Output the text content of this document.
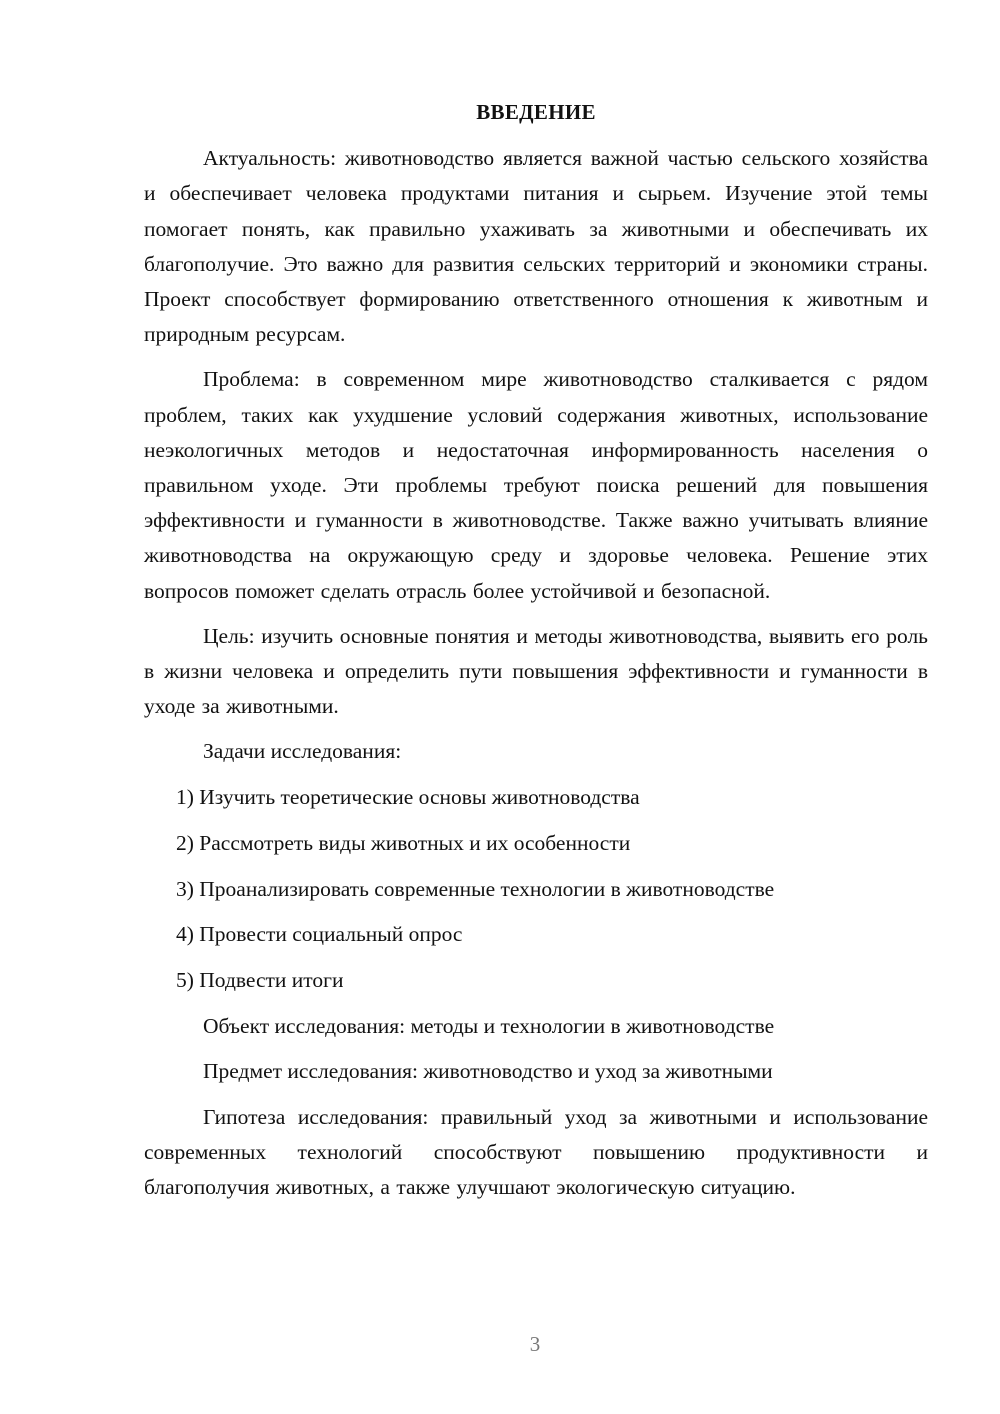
ВВЕДЕНИЕ

Актуальность: животноводство является важной частью сельского хозяйства и обеспечивает человека продуктами питания и сырьем. Изучение этой темы помогает понять, как правильно ухаживать за животными и обеспечивать их благополучие. Это важно для развития сельских территорий и экономики страны. Проект способствует формированию ответственного отношения к животным и природным ресурсам.

Проблема: в современном мире животноводство сталкивается с рядом проблем, таких как ухудшение условий содержания животных, использование неэкологичных методов и недостаточная информированность населения о правильном уходе. Эти проблемы требуют поиска решений для повышения эффективности и гуманности в животноводстве. Также важно учитывать влияние животноводства на окружающую среду и здоровье человека. Решение этих вопросов поможет сделать отрасль более устойчивой и безопасной.

Цель: изучить основные понятия и методы животноводства, выявить его роль в жизни человека и определить пути повышения эффективности и гуманности в уходе за животными.

Задачи исследования:
1) Изучить теоретические основы животноводства
2) Рассмотреть виды животных и их особенности
3) Проанализировать современные технологии в животноводстве
4) Провести социальный опрос
5) Подвести итоги
Объект исследования: методы и технологии в животноводстве
Предмет исследования: животноводство и уход за животными

Гипотеза исследования: правильный уход за животными и использование современных технологий способствуют повышению продуктивности и благополучия животных, а также улучшают экологическую ситуацию.

3
